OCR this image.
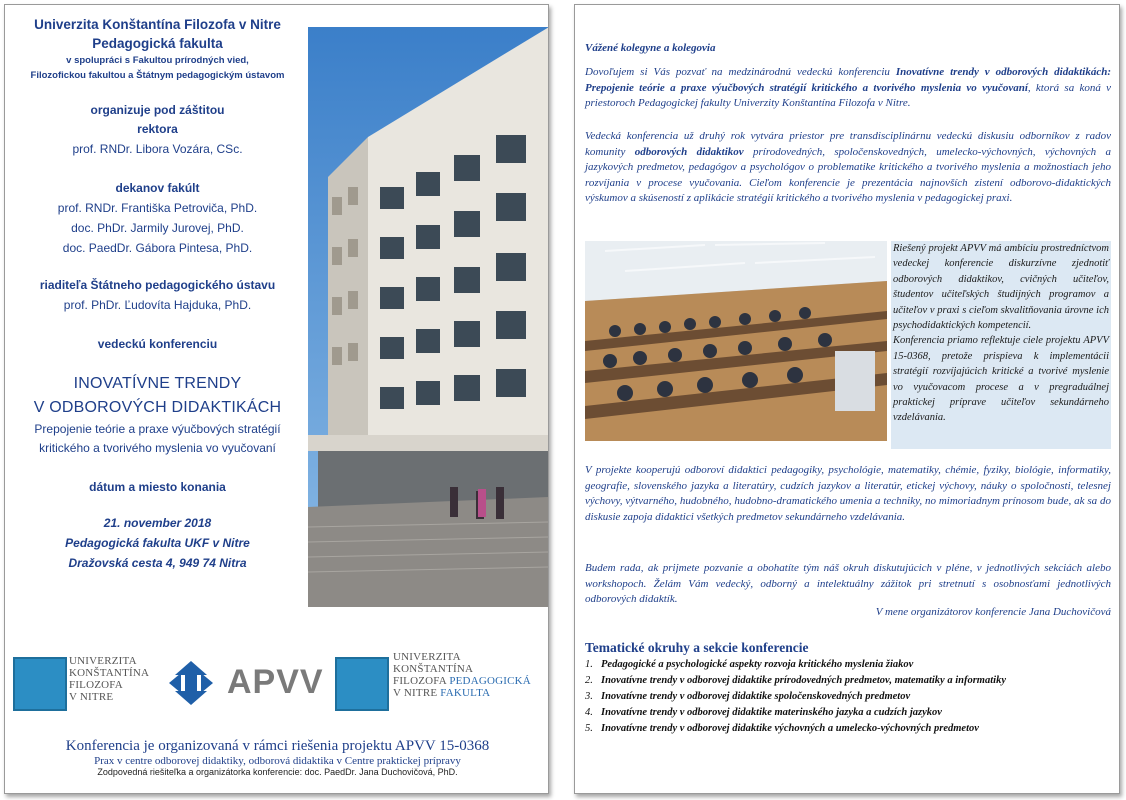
Univerzita Konštantína Filozofa v Nitre
Pedagogická fakulta
v spolupráci s Fakultou prírodných vied,
Filozofickou fakultou a Štátnym pedagogickým ústavom
organizuje pod záštitou
rektora
prof. RNDr. Libora Vozára, CSc.
dekanov fakúlt
prof. RNDr. Františka Petroviča, PhD.
doc. PhDr. Jarmily Jurovej, PhD.
doc. PaedDr. Gábora Pintesa, PhD.
riaditeľa Štátneho pedagogického ústavu
prof. PhDr. Ľudovíta Hajduka, PhD.
vedeckú konferenciu
INOVATÍVNE TRENDY
V ODBOROVÝCH DIDAKTIKÁCH
Prepojenie teórie a praxe výučbových stratégií
kritického a tvorivého myslenia vo vyučovaní
dátum a miesto konania
21. november 2018
Pedagogická fakulta UKF v Nitre
Dražovská cesta 4, 949 74 Nitra
UNIVERZITA
KONŠTANTÍNA
FILOZOFA
V NITRE	APVV
UNIVERZITA
KONŠTANTÍNA
FILOZOFA PEDAGOGICKÁ
V NITRE FAKULTA
Konferencia je organizovaná v rámci riešenia projektu APVV 15-0368
Prax v centre odborovej didaktiky, odborová didaktika v Centre praktickej prípravy
Zodpovedná riešiteľka a organizátorka konferencie: doc. PaedDr. Jana Duchovičová, PhD.
Vážené kolegyne a kolegovia
Dovoľujem si Vás pozvať na medzinárodnú vedeckú konferenciu Inovatívne trendy v odborových didaktikách: Prepojenie teórie a praxe výučbových stratégií kritického a tvorivého myslenia vo vyučovaní, ktorá sa koná v priestoroch Pedagogickej fakulty Univerzity Konštantína Filozofa v Nitre.
Vedecká konferencia už druhý rok vytvára priestor pre transdisciplinárnu vedeckú diskusiu odborníkov z radov komunity odborových didaktikov prírodovedných, spoločenskovedných, umelecko-výchovných, výchovných a jazykových predmetov, pedagógov a psychológov o problematike kritického a tvorivého myslenia a možnostiach jeho rozvíjania v procese vyučovania. Cieľom konferencie je prezentácia najnovších zistení odborovo-didaktických výskumov a skúseností z aplikácie stratégií kritického a tvorivého myslenia v pedagogickej praxi.
Riešený projekt APVV má ambíciu prostredníctvom vedeckej konferencie diskurzívne zjednotiť odborových didaktikov, cvičných učiteľov, študentov učiteľských študijných programov a učiteľov v praxi s cieľom skvalitňovania úrovne ich psychodidaktických kompetencií.
Konferencia priamo reflektuje ciele projektu APVV 15-0368, pretože prispieva k implementácii stratégií rozvíjajúcich kritické a tvorivé myslenie vo vyučovacom procese a v pregraduálnej praktickej príprave učiteľov sekundárneho vzdelávania.
V projekte kooperujú odboroví didaktici pedagogiky, psychológie, matematiky, chémie, fyziky, biológie, informatiky, geografie, slovenského jazyka a literatúry, cudzích jazykov a literatúr, etickej výchovy, náuky o spoločnosti, telesnej výchovy, výtvarného, hudobného, hudobno-dramatického umenia a techniky, no mimoriadnym prínosom bude, ak sa do diskusie zapoja didaktici všetkých predmetov sekundárneho vzdelávania.
Budem rada, ak prijmete pozvanie a obohatíte tým náš okruh diskutujúcich v pléne, v jednotlivých sekciách alebo workshopoch. Želám Vám vedecký, odborný a intelektuálny zážitok pri stretnutí s osobnosťami jednotlivých odborových didaktík.
V mene organizátorov konferencie Jana Duchovičová
Tematické okruhy a sekcie konferencie
1. Pedagogické a psychologické aspekty rozvoja kritického myslenia žiakov
2. Inovatívne trendy v odborovej didaktike prírodovedných predmetov, matematiky a informatiky
3. Inovatívne trendy v odborovej didaktike spoločenskovedných predmetov
4. Inovatívne trendy v odborovej didaktike materinského jazyka a cudzích jazykov
5. Inovatívne trendy v odborovej didaktike výchovných a umelecko-výchovných predmetov
